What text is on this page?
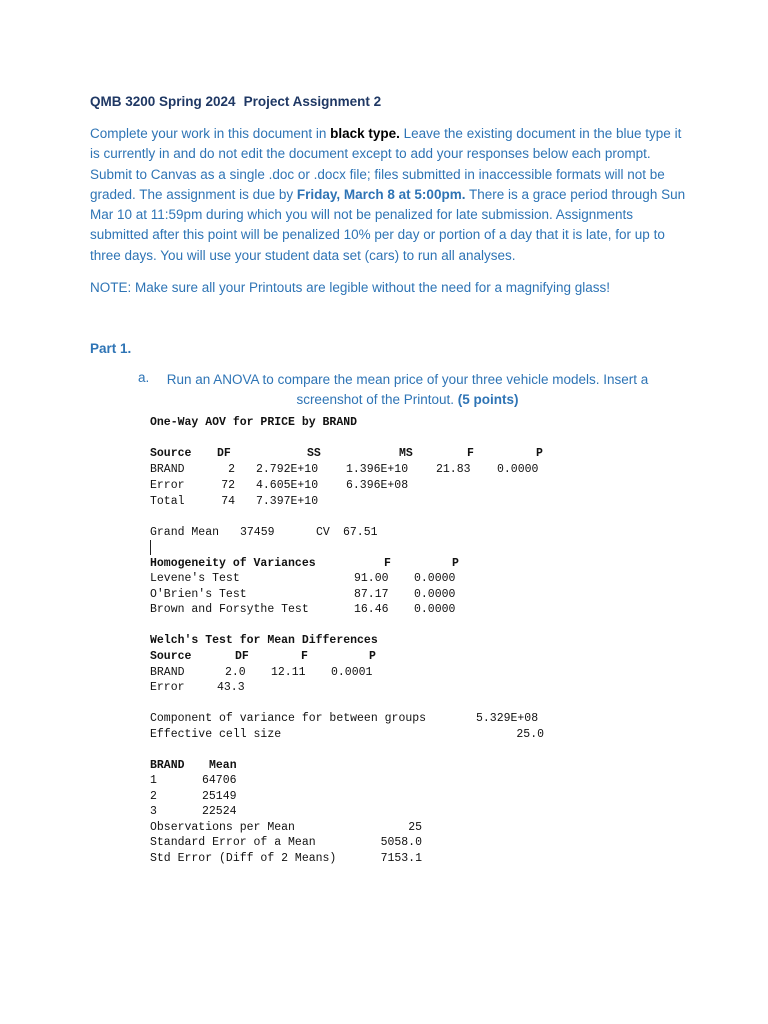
QMB 3200 Spring 2024 Project Assignment 2
Complete your work in this document in black type. Leave the existing document in the blue type it is currently in and do not edit the document except to add your responses below each prompt. Submit to Canvas as a single .doc or .docx file; files submitted in inaccessible formats will not be graded. The assignment is due by Friday, March 8 at 5:00pm. There is a grace period through Sun Mar 10 at 11:59pm during which you will not be penalized for late submission. Assignments submitted after this point will be penalized 10% per day or portion of a day that it is late, for up to three days. You will use your student data set (cars) to run all analyses.
NOTE: Make sure all your Printouts are legible without the need for a magnifying glass!
Part 1.
a.	Run an ANOVA to compare the mean price of your three vehicle models. Insert a screenshot of the Printout. (5 points)
One-Way AOV for PRICE by BRAND
Source DF	SS	MS	F	P
BRAND	2 2.792E+10 1.396E+10 21.83 0.0000
Error	72 4.605E+10 6.396E+08
Total	74 7.397E+10
Grand Mean 37459	CV 67.51
Homogeneity of Variances	F	P
Levene's Test	91.00 0.0000
O'Brien's Test	87.17 0.0000
Brown and Forsythe Test	16.46 0.0000
Welch's Test for Mean Differences
Source	DF	F	P
BRAND	2.0 12.11 0.0001
Error	43.3
Component of variance for between groups	5.329E+08
Effective cell size	25.0
BRAND Mean
1	64706
2	25149
3	22524
Observations per Mean	25
Standard Error of a Mean	5058.0
Std Error (Diff of 2 Means)	7153.1
